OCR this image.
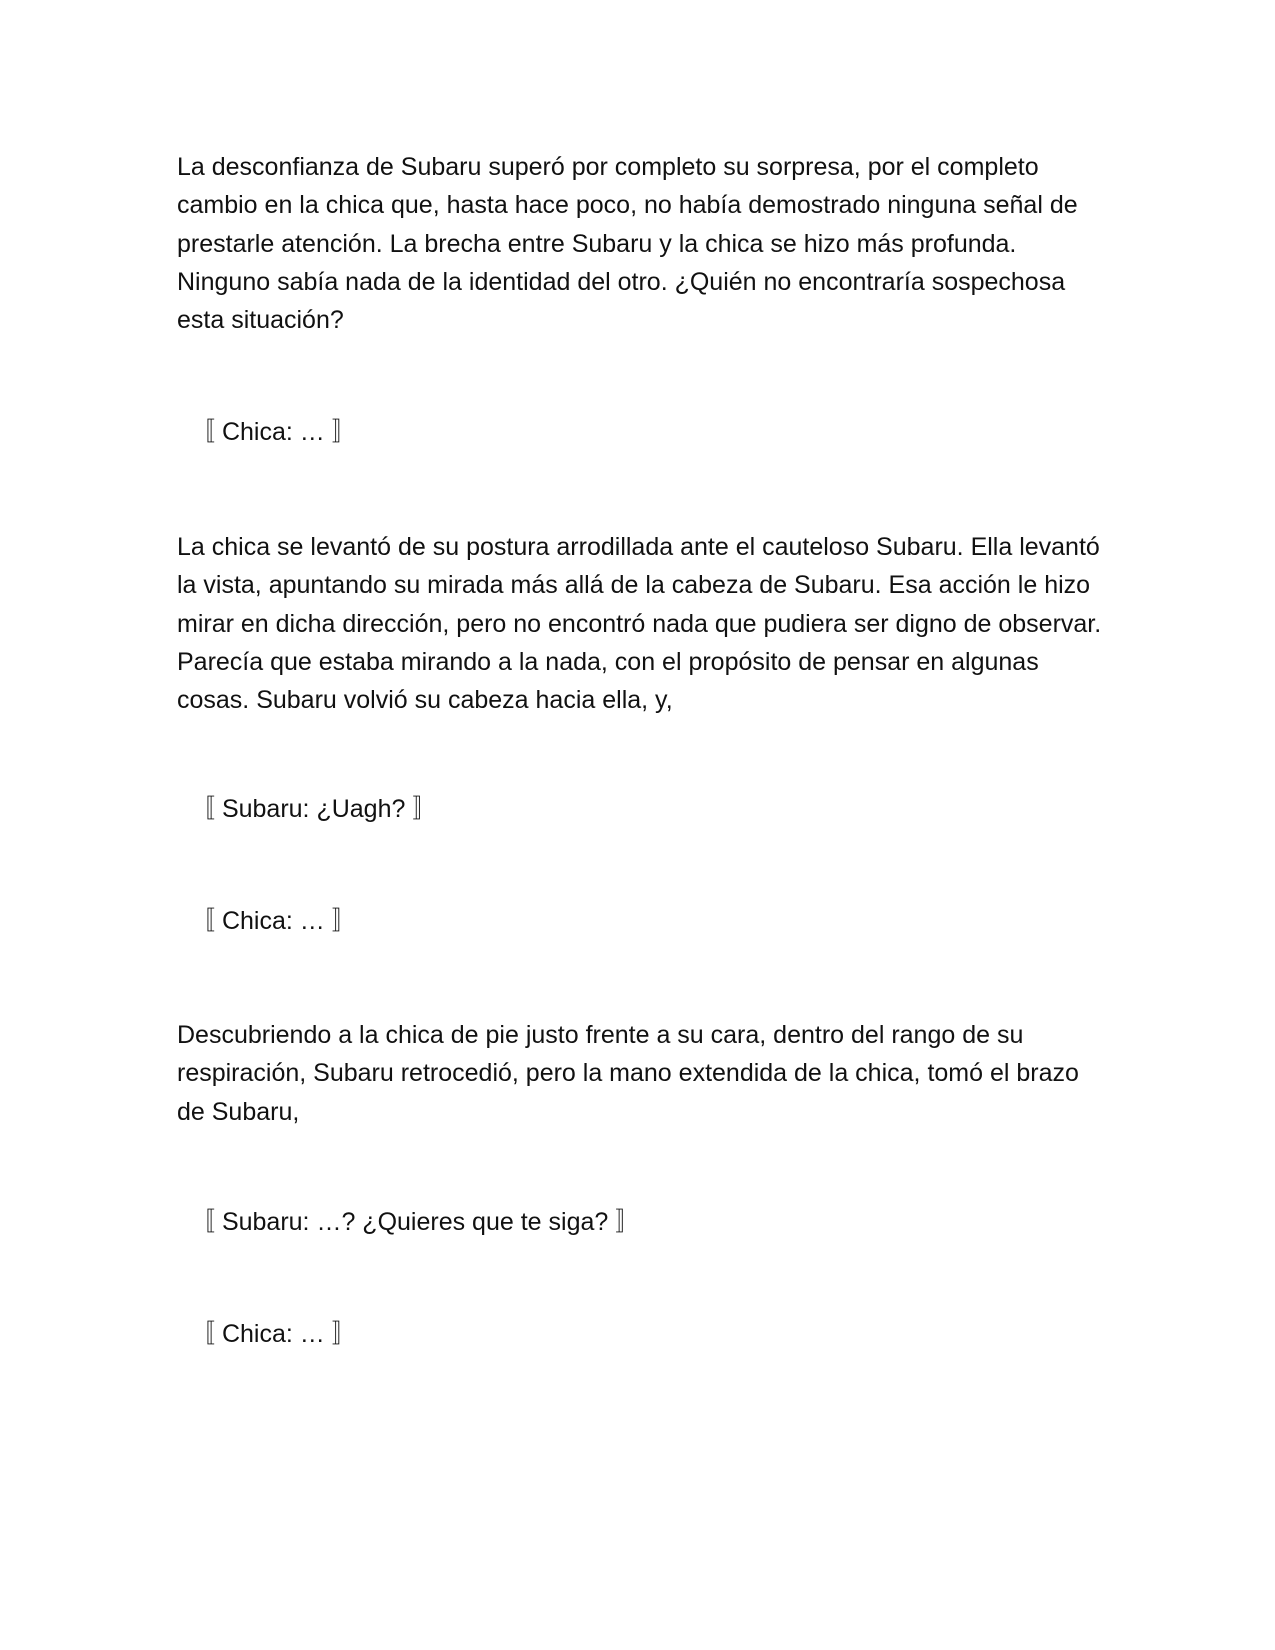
La desconfianza de Subaru superó por completo su sorpresa, por el completo cambio en la chica que, hasta hace poco, no había demostrado ninguna señal de prestarle atención. La brecha entre Subaru y la chica se hizo más profunda. Ninguno sabía nada de la identidad del otro. ¿Quién no encontraría sospechosa esta situación?

〚 Chica: … 〛

La chica se levantó de su postura arrodillada ante el cauteloso Subaru. Ella levantó la vista, apuntando su mirada más allá de la cabeza de Subaru. Esa acción le hizo mirar en dicha dirección, pero no encontró nada que pudiera ser digno de observar. Parecía que estaba mirando a la nada, con el propósito de pensar en algunas cosas. Subaru volvió su cabeza hacia ella, y,

〚 Subaru: ¿Uagh? 〛

〚 Chica: … 〛

Descubriendo a la chica de pie justo frente a su cara, dentro del rango de su respiración, Subaru retrocedió, pero la mano extendida de la chica, tomó el brazo de Subaru,

〚 Subaru: …? ¿Quieres que te siga? 〛

〚 Chica: … 〛
